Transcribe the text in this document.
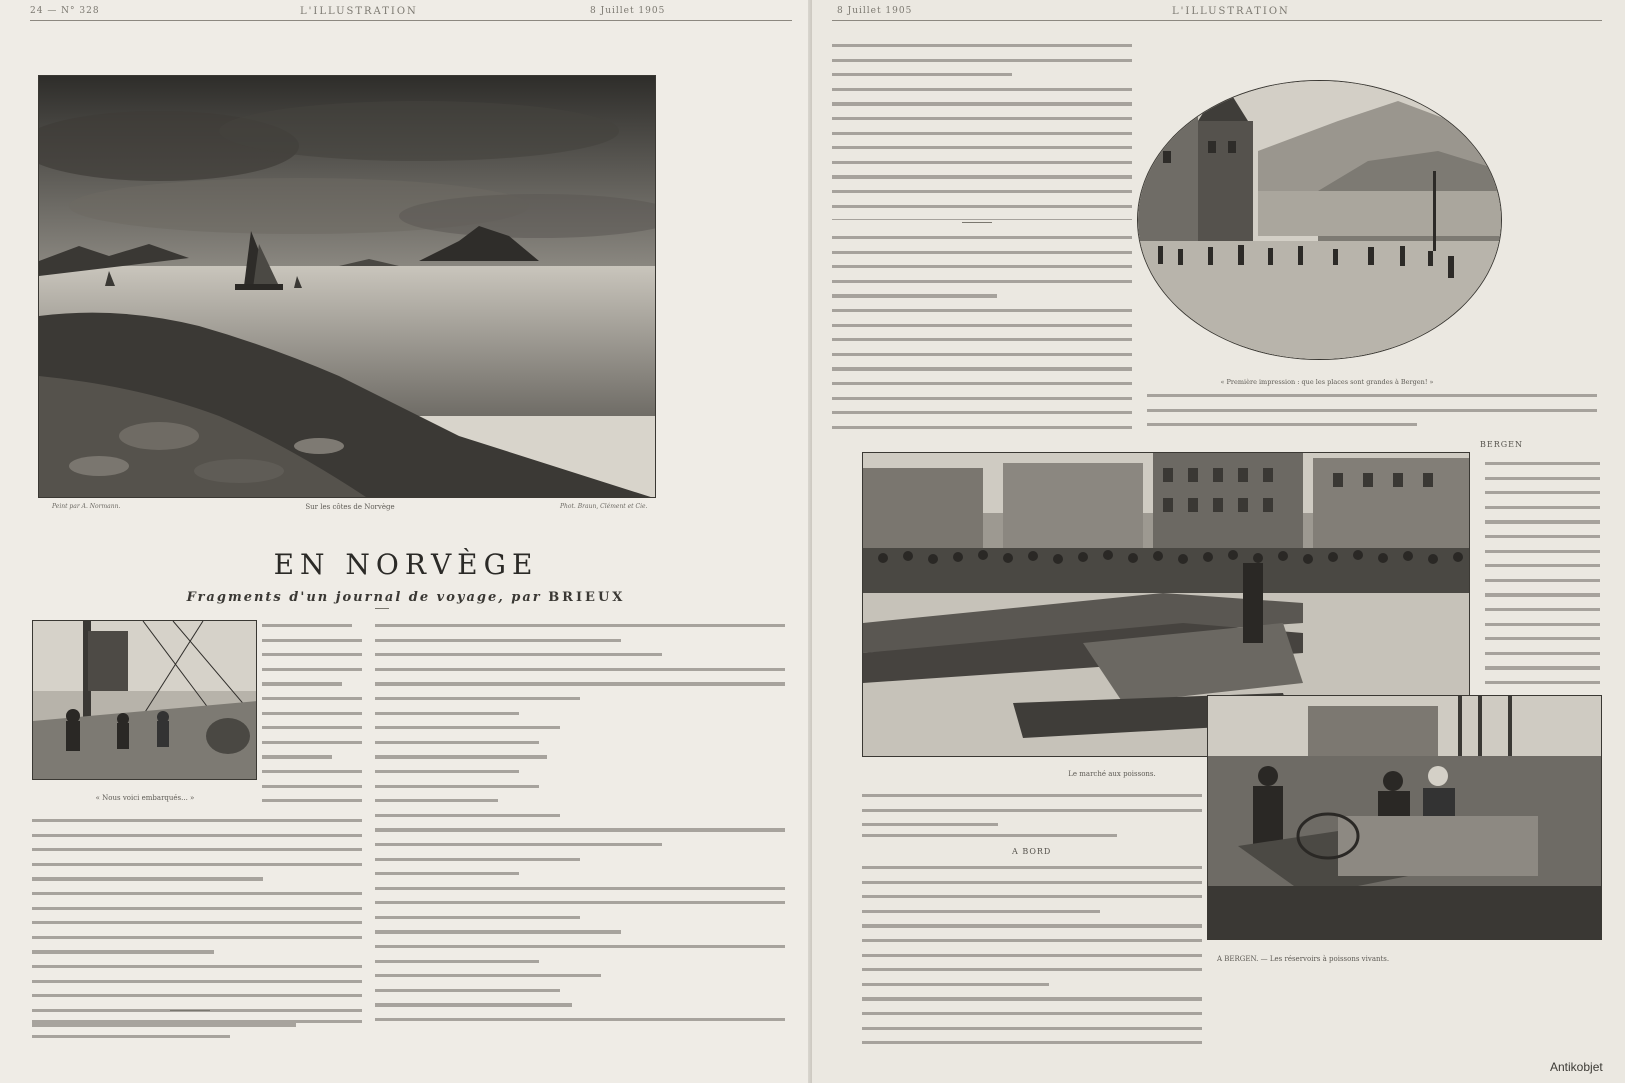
24 — N° 328	L'ILLUSTRATION	8 Juillet 1905
Peint par A. Normann.	Sur les côtes de Norvège	Phot. Braun, Clément et Cie.
EN NORVÈGE
Fragments d'un journal de voyage, par BRIEUX
« Nous voici embarqués... »
8 Juillet 1905	L'ILLUSTRATION
« Première impression : que les places sont grandes à Bergen! »
BERGEN
Le marché aux poissons.
A BERGEN. — Les réservoirs à poissons vivants.
A BORD
Antikobjet
